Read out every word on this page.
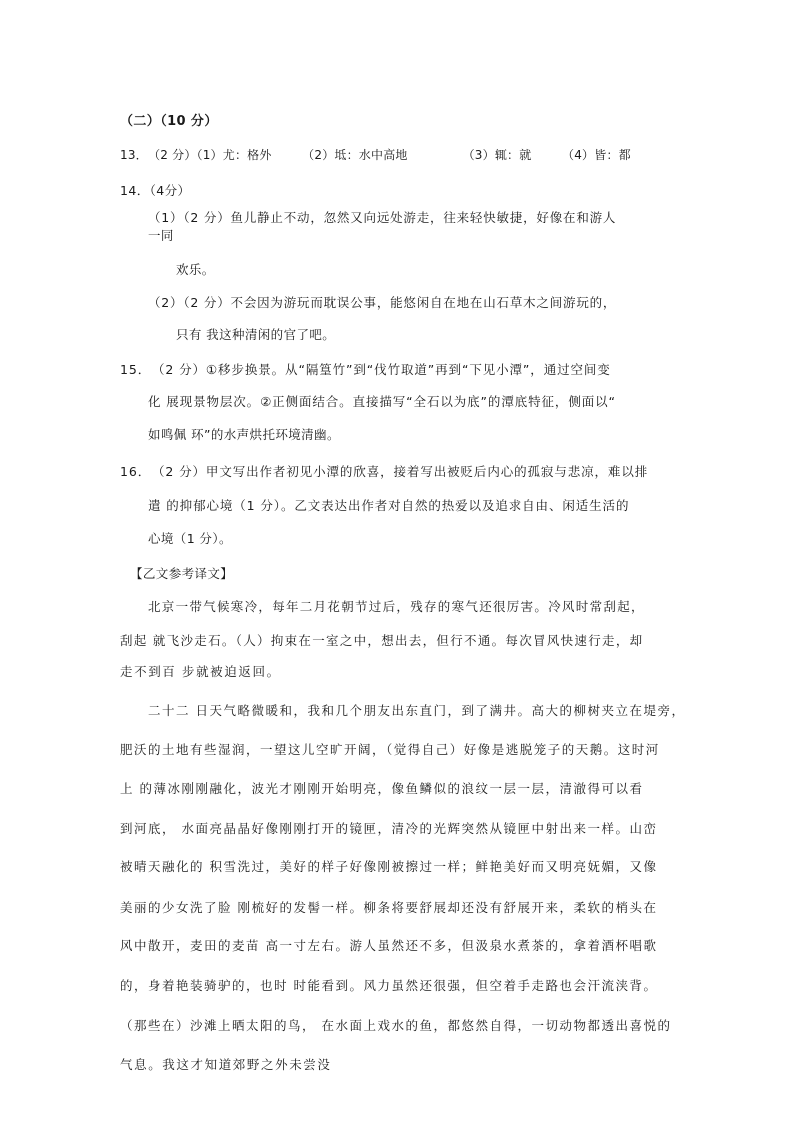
（二）（10 分）
13．　（2 分）（1）尤：格外　　　（2）坻：水中高地　　　　　（3）辄：就　　　（4）皆：都
14．（4分）
（1）（2 分）鱼儿静止不动，忽然又向远处游走，往来轻快敏捷，好像在和游人
一同
欢乐。
（2）（2 分）不会因为游玩而耽误公事，能悠闲自在地在山石草木之间游玩的，
只有 我这种清闲的官了吧。
15．　（2 分）①移步换景。从“隔篁竹”到“伐竹取道”再到“下见小潭”，通过空间变
化 展现景物层次。②正侧面结合。直接描写“全石以为底”的潭底特征，侧面以“
如鸣佩 环”的水声烘托环境清幽。
16．　（2 分）甲文写出作者初见小潭的欣喜，接着写出被贬后内心的孤寂与悲凉，难以排
遣 的抑郁心境（1 分）。乙文表达出作者对自然的热爱以及追求自由、闲适生活的
心境（1 分）。
【乙文参考译文】
北京一带气候寒冷，每年二月花朝节过后，残存的寒气还很厉害。冷风时常刮起，
刮起 就飞沙走石。（人）拘束在一室之中，想出去，但行不通。每次冒风快速行走，却
走不到百 步就被迫返回。
二十二 日天气略微暖和，我和几个朋友出东直门，到了满井。高大的柳树夹立在堤旁，
肥沃的土地有些湿润，一望这儿空旷开阔，（觉得自己）好像是逃脱笼子的天鹅。这时河
上 的薄冰刚刚融化，波光才刚刚开始明亮，像鱼鳞似的浪纹一层一层，清澈得可以看
到河底， 水面亮晶晶好像刚刚打开的镜匣，清冷的光辉突然从镜匣中射出来一样。山峦
被晴天融化的 积雪洗过，美好的样子好像刚被擦过一样；鲜艳美好而又明亮妩媚，又像
美丽的少女洗了脸 刚梳好的发髻一样。柳条将要舒展却还没有舒展开来，柔软的梢头在
风中散开，麦田的麦苗 高一寸左右。游人虽然还不多，但汲泉水煮茶的，拿着酒杯唱歌
的，身着艳装骑驴的，也时 时能看到。风力虽然还很强，但空着手走路也会汗流浃背。
（那些在）沙滩上晒太阳的鸟， 在水面上戏水的鱼，都悠然自得，一切动物都透出喜悦的
气息。我这才知道郊野之外未尝没
